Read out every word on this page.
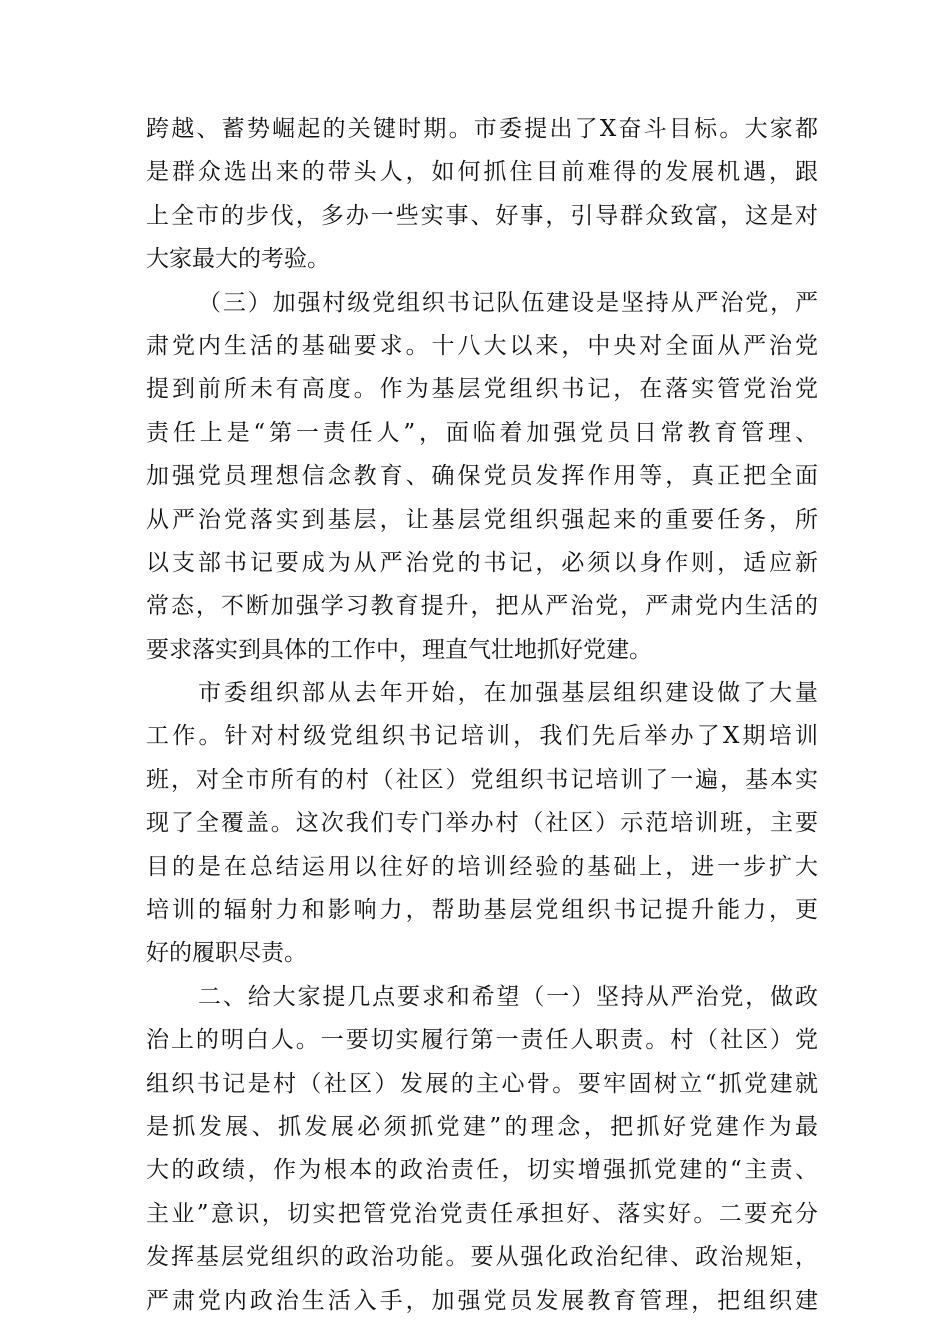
跨越、蓄势崛起的关键时期。市委提出了X奋斗目标。大家都
是群众选出来的带头人，如何抓住目前难得的发展机遇，跟
上全市的步伐，多办一些实事、好事，引导群众致富，这是对
大家最大的考验。
（三）加强村级党组织书记队伍建设是坚持从严治党，严
肃党内生活的基础要求。十八大以来，中央对全面从严治党
提到前所未有高度。作为基层党组织书记，在落实管党治党
责任上是“第一责任人”，面临着加强党员日常教育管理、
加强党员理想信念教育、确保党员发挥作用等，真正把全面
从严治党落实到基层，让基层党组织强起来的重要任务，所
以支部书记要成为从严治党的书记，必须以身作则，适应新
常态，不断加强学习教育提升，把从严治党，严肃党内生活的
要求落实到具体的工作中，理直气壮地抓好党建。
市委组织部从去年开始，在加强基层组织建设做了大量
工作。针对村级党组织书记培训，我们先后举办了X期培训
班，对全市所有的村（社区）党组织书记培训了一遍，基本实
现了全覆盖。这次我们专门举办村（社区）示范培训班，主要
目的是在总结运用以往好的培训经验的基础上，进一步扩大
培训的辐射力和影响力，帮助基层党组织书记提升能力，更
好的履职尽责。
二、给大家提几点要求和希望（一）坚持从严治党，做政
治上的明白人。一要切实履行第一责任人职责。村（社区）党
组织书记是村（社区）发展的主心骨。要牢固树立“抓党建就
是抓发展、抓发展必须抓党建”的理念，把抓好党建作为最
大的政绩，作为根本的政治责任，切实增强抓党建的“主责、
主业”意识，切实把管党治党责任承担好、落实好。二要充分
发挥基层党组织的政治功能。要从强化政治纪律、政治规矩，
严肃党内政治生活入手，加强党员发展教育管理，把组织建
